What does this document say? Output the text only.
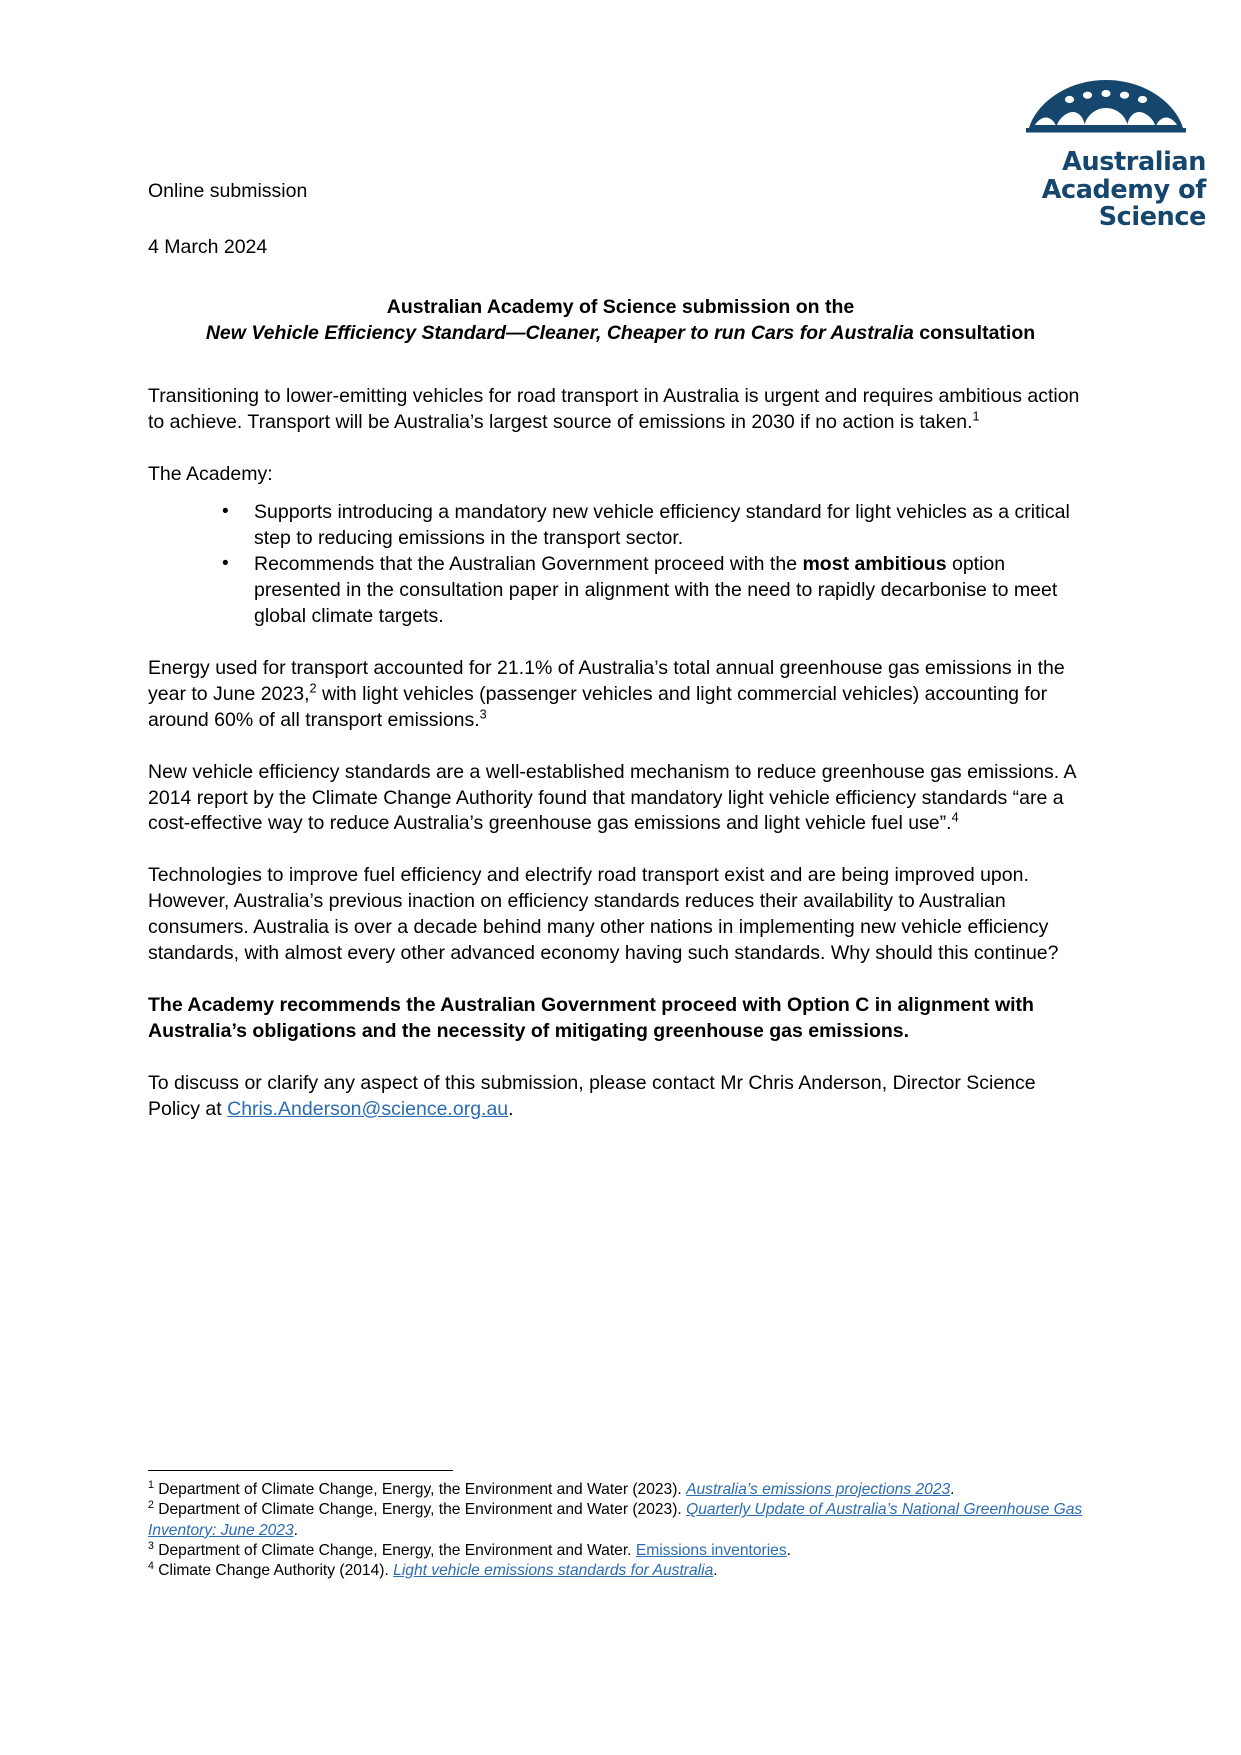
Australian
Academy of
Science
Online submission
4 March 2024
Australian Academy of Science submission on the
New Vehicle Efficiency Standard—Cleaner, Cheaper to run Cars for Australia consultation

Transitioning to lower-emitting vehicles for road transport in Australia is urgent and requires ambitious action to achieve. Transport will be Australia’s largest source of emissions in 2030 if no action is taken.$^1$

The Academy:

• Supports introducing a mandatory new vehicle efficiency standard for light vehicles as a critical step to reducing emissions in the transport sector.
• Recommends that the Australian Government proceed with the most ambitious option presented in the consultation paper in alignment with the need to rapidly decarbonise to meet global climate targets.

Energy used for transport accounted for 21.1% of Australia’s total annual greenhouse gas emissions in the year to June 2023,$^2$ with light vehicles (passenger vehicles and light commercial vehicles) accounting for around 60% of all transport emissions.$^3$

New vehicle efficiency standards are a well-established mechanism to reduce greenhouse gas emissions. A 2014 report by the Climate Change Authority found that mandatory light vehicle efficiency standards “are a cost-effective way to reduce Australia’s greenhouse gas emissions and light vehicle fuel use”.$^4$

Technologies to improve fuel efficiency and electrify road transport exist and are being improved upon. However, Australia’s previous inaction on efficiency standards reduces their availability to Australian consumers. Australia is over a decade behind many other nations in implementing new vehicle efficiency standards, with almost every other advanced economy having such standards. Why should this continue?

The Academy recommends the Australian Government proceed with Option C in alignment with Australia’s obligations and the necessity of mitigating greenhouse gas emissions.

To discuss or clarify any aspect of this submission, please contact Mr Chris Anderson, Director Science Policy at Chris.Anderson@science.org.au.

$^1$ Department of Climate Change, Energy, the Environment and Water (2023). Australia’s emissions projections 2023.

$^2$ Department of Climate Change, Energy, the Environment and Water (2023). Quarterly Update of Australia’s National Greenhouse Gas Inventory: June 2023.

$^3$ Department of Climate Change, Energy, the Environment and Water. Emissions inventories.

$^4$ Climate Change Authority (2014). Light vehicle emissions standards for Australia.
